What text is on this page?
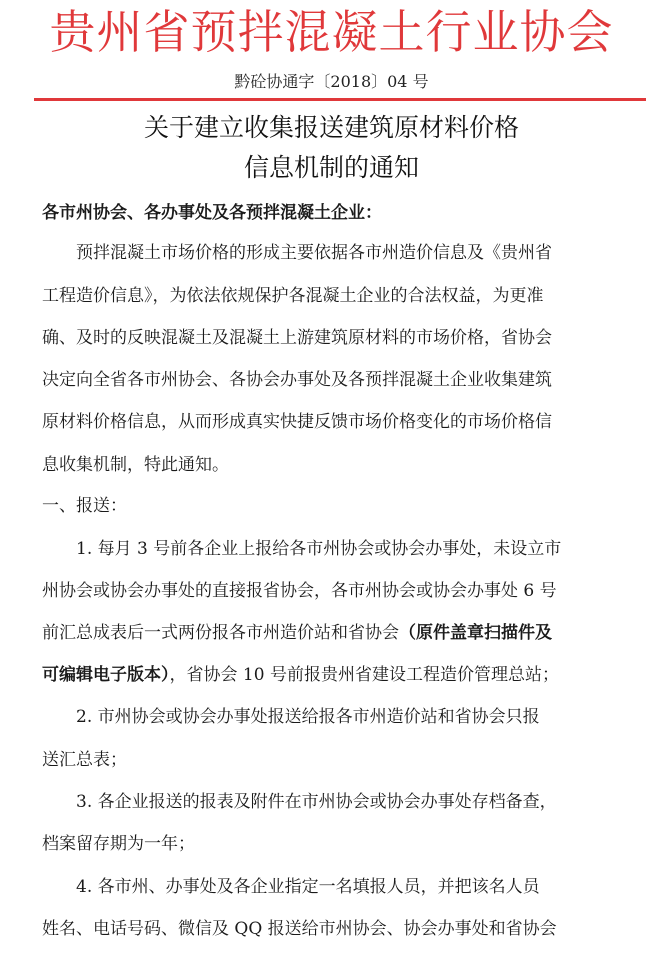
贵州省预拌混凝土行业协会
黔砼协通字〔2018〕04 号
关于建立收集报送建筑原材料价格
信息机制的通知
各市州协会、各办事处及各预拌混凝土企业：
预拌混凝土市场价格的形成主要依据各市州造价信息及《贵州省
工程造价信息》，为依法依规保护各混凝土企业的合法权益，为更准
确、及时的反映混凝土及混凝土上游建筑原材料的市场价格，省协会
决定向全省各市州协会、各协会办事处及各预拌混凝土企业收集建筑
原材料价格信息，从而形成真实快捷反馈市场价格变化的市场价格信
息收集机制，特此通知。
一、报送：
1. 每月 3 号前各企业上报给各市州协会或协会办事处，未设立市
州协会或协会办事处的直接报省协会，各市州协会或协会办事处 6 号
前汇总成表后一式两份报各市州造价站和省协会（原件盖章扫描件及
可编辑电子版本），省协会 10 号前报贵州省建设工程造价管理总站；
2. 市州协会或协会办事处报送给报各市州造价站和省协会只报
送汇总表；
3. 各企业报送的报表及附件在市州协会或协会办事处存档备查，
档案留存期为一年；
4. 各市州、办事处及各企业指定一名填报人员，并把该名人员
姓名、电话号码、微信及 QQ 报送给市州协会、协会办事处和省协会
